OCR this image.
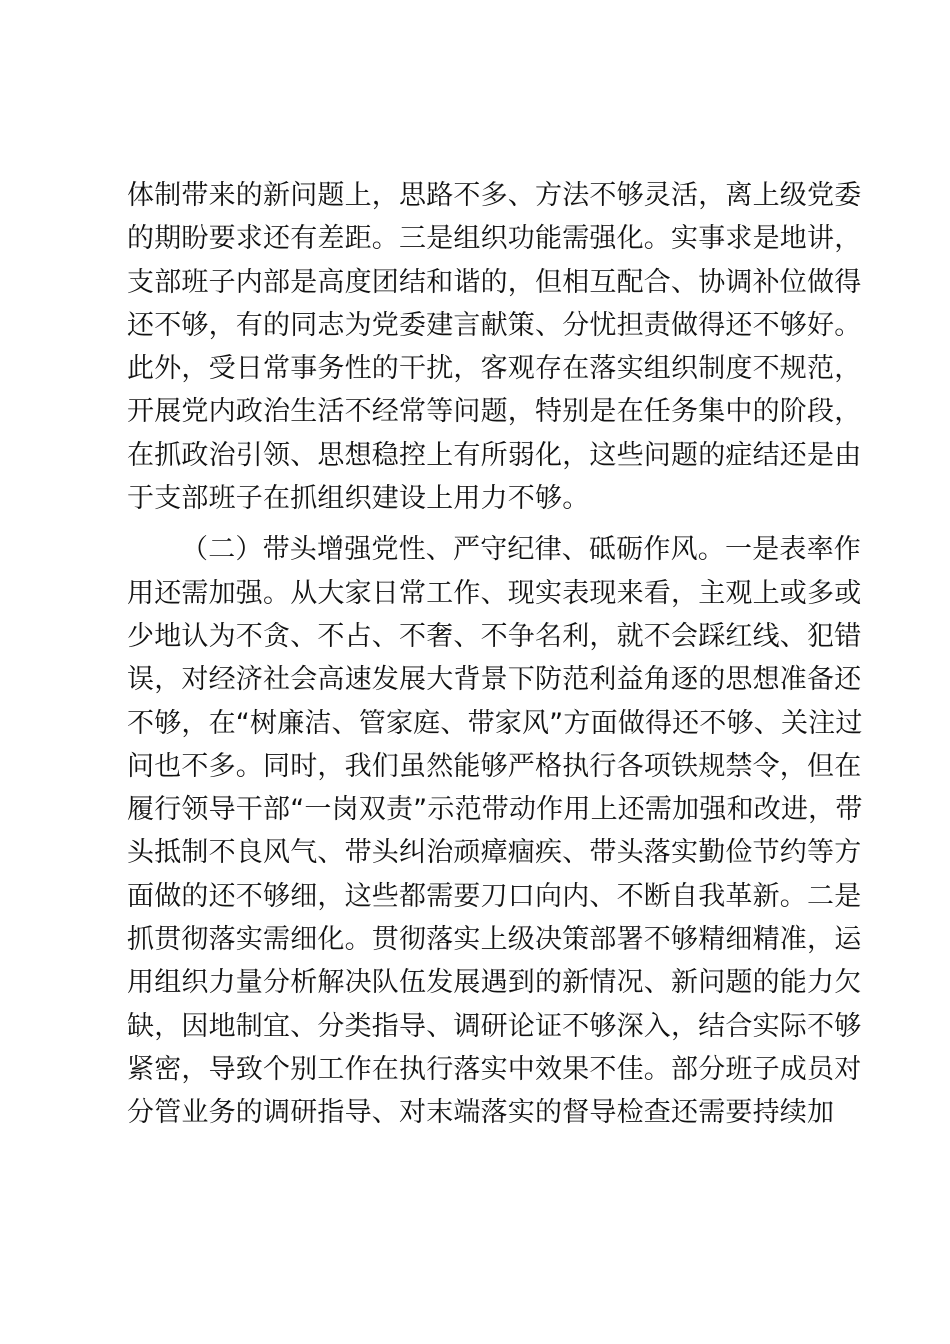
体制带来的新问题上，思路不多、方法不够灵活，离上级党委
的期盼要求还有差距。三是组织功能需强化。实事求是地讲，
支部班子内部是高度团结和谐的，但相互配合、协调补位做得
还不够，有的同志为党委建言献策、分忧担责做得还不够好。
此外，受日常事务性的干扰，客观存在落实组织制度不规范，
开展党内政治生活不经常等问题，特别是在任务集中的阶段，
在抓政治引领、思想稳控上有所弱化，这些问题的症结还是由
于支部班子在抓组织建设上用力不够。
（二）带头增强党性、严守纪律、砥砺作风。一是表率作
用还需加强。从大家日常工作、现实表现来看，主观上或多或
少地认为不贪、不占、不奢、不争名利，就不会踩红线、犯错
误，对经济社会高速发展大背景下防范利益角逐的思想准备还
不够，在“树廉洁、管家庭、带家风”方面做得还不够、关注过
问也不多。同时，我们虽然能够严格执行各项铁规禁令，但在
履行领导干部“一岗双责”示范带动作用上还需加强和改进，带
头抵制不良风气、带头纠治顽瘴痼疾、带头落实勤俭节约等方
面做的还不够细，这些都需要刀口向内、不断自我革新。二是
抓贯彻落实需细化。贯彻落实上级决策部署不够精细精准，运
用组织力量分析解决队伍发展遇到的新情况、新问题的能力欠
缺，因地制宜、分类指导、调研论证不够深入，结合实际不够
紧密，导致个别工作在执行落实中效果不佳。部分班子成员对
分管业务的调研指导、对末端落实的督导检查还需要持续加
